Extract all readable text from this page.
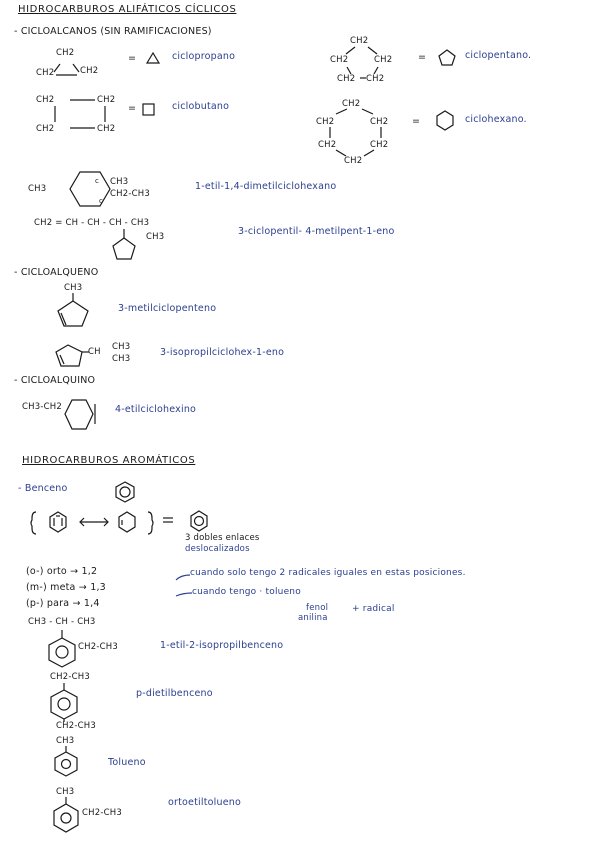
HIDROCARBUROS ALIFÁTICOS CÍCLICOS
- CICLOALCANOS (SIN RAMIFICACIONES)
CH2
CH2	CH2
=	ciclopropano
CH2	CH2
CH2	CH2
=	ciclobutano
CH2
CH2	CH2
CH2 CH2
=	ciclopentano.
CH2
CH2	CH2
CH2	CH2
CH2
=	ciclohexano.
CH3
CH3
CH2-CH3
c
c
1-etil-1,4-dimetilciclohexano
CH2 = CH - CH - CH - CH3
CH3	3-ciclopentil- 4-metilpent-1-eno
- CICLOALQUENO
CH3
3-metilciclopenteno
CH CH3
CH3
3-isopropilciclohex-1-eno
- CICLOALQUINO
CH3-CH2	4-etilciclohexino
HIDROCARBUROS AROMÁTICOS
- Benceno
3 dobles enlaces
deslocalizados
(o-) orto → 1,2
(m-) meta → 1,3
(p-) para → 1,4
cuando solo tengo 2 radicales iguales en estas posiciones.
cuando tengo · tolueno
fenol
anilina
+ radical
CH3 - CH - CH3
CH2-CH3	1-etil-2-isopropilbenceno
CH2-CH3
CH2-CH3
p-dietilbenceno
CH3
Tolueno
CH3
CH2-CH3
ortoetiltolueno
